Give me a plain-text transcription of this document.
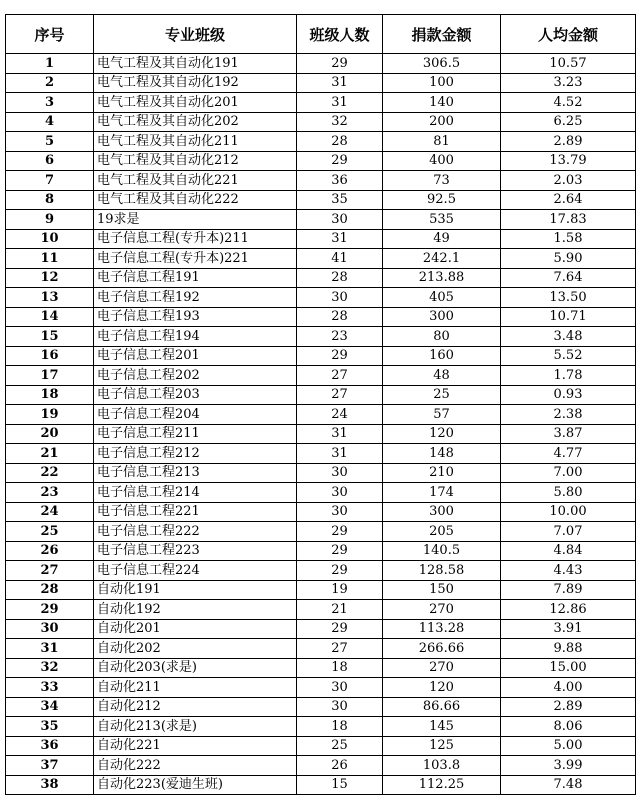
序号	专业班级	班级人数	捐款金额	人均金额
1	电气工程及其自动化191	29	306.5	10.57
2	电气工程及其自动化192	31	100	3.23
3	电气工程及其自动化201	31	140	4.52
4	电气工程及其自动化202	32	200	6.25
5	电气工程及其自动化211	28	81	2.89
6	电气工程及其自动化212	29	400	13.79
7	电气工程及其自动化221	36	73	2.03
8	电气工程及其自动化222	35	92.5	2.64
9	19求是	30	535	17.83
10	电子信息工程(专升本)211	31	49	1.58
11	电子信息工程(专升本)221	41	242.1	5.90
12	电子信息工程191	28	213.88	7.64
13	电子信息工程192	30	405	13.50
14	电子信息工程193	28	300	10.71
15	电子信息工程194	23	80	3.48
16	电子信息工程201	29	160	5.52
17	电子信息工程202	27	48	1.78
18	电子信息工程203	27	25	0.93
19	电子信息工程204	24	57	2.38
20	电子信息工程211	31	120	3.87
21	电子信息工程212	31	148	4.77
22	电子信息工程213	30	210	7.00
23	电子信息工程214	30	174	5.80
24	电子信息工程221	30	300	10.00
25	电子信息工程222	29	205	7.07
26	电子信息工程223	29	140.5	4.84
27	电子信息工程224	29	128.58	4.43
28	自动化191	19	150	7.89
29	自动化192	21	270	12.86
30	自动化201	29	113.28	3.91
31	自动化202	27	266.66	9.88
32	自动化203(求是)	18	270	15.00
33	自动化211	30	120	4.00
34	自动化212	30	86.66	2.89
35	自动化213(求是)	18	145	8.06
36	自动化221	25	125	5.00
37	自动化222	26	103.8	3.99
38	自动化223(爱迪生班)	15	112.25	7.48
